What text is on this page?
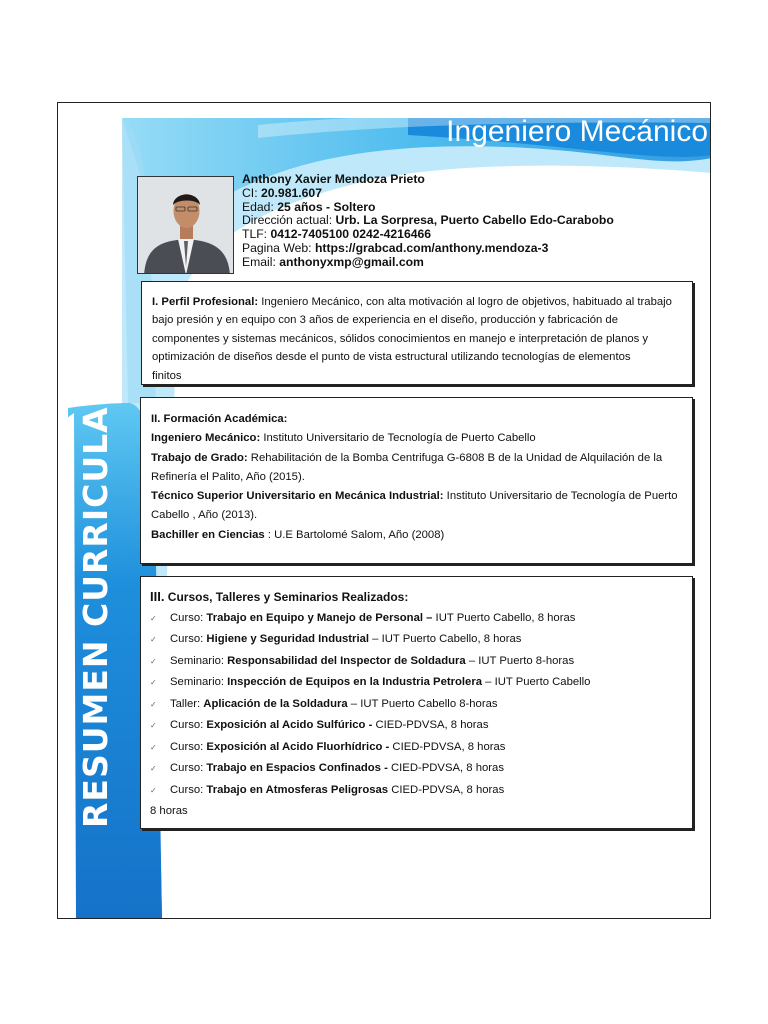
Ingeniero Mecánico
RESUMEN CURRICULAR
Anthony Xavier Mendoza Prieto
CI: 20.981.607
Edad: 25 años - Soltero
Dirección actual: Urb. La Sorpresa, Puerto Cabello Edo-Carabobo
TLF: 0412-7405100 0242-4216466
Pagina Web: https://grabcad.com/anthony.mendoza-3
Email: anthonyxmp@gmail.com
I. Perfil Profesional: Ingeniero Mecánico, con alta motivación al logro de objetivos, habituado al trabajo
bajo presión y en equipo con 3 años de experiencia en el diseño, producción y fabricación de
componentes y sistemas mecánicos, sólidos conocimientos en manejo e interpretación de planos y
optimización de diseños desde el punto de vista estructural utilizando tecnologías de elementos
finitos
II. Formación Académica:
Ingeniero Mecánico: Instituto Universitario de Tecnología de Puerto Cabello
Trabajo de Grado: Rehabilitación de la Bomba Centrifuga G-6808 B de la Unidad de Alquilación de la
Refinería el Palito, Año (2015).
Técnico Superior Universitario en Mecánica Industrial: Instituto Universitario de Tecnología de Puerto
Cabello , Año (2013).
Bachiller en Ciencias : U.E Bartolomé Salom, Año (2008)
III. Cursos, Talleres y Seminarios Realizados:
✓ Curso: Trabajo en Equipo y Manejo de Personal – IUT Puerto Cabello, 8 horas
✓ Curso: Higiene y Seguridad Industrial – IUT Puerto Cabello, 8 horas
✓ Seminario: Responsabilidad del Inspector de Soldadura – IUT Puerto 8-horas
✓ Seminario: Inspección de Equipos en la Industria Petrolera – IUT Puerto Cabello
✓ Taller: Aplicación de la Soldadura – IUT Puerto Cabello 8-horas
✓ Curso: Exposición al Acido Sulfúrico - CIED-PDVSA, 8 horas
✓ Curso: Exposición al Acido Fluorhídrico - CIED-PDVSA, 8 horas
✓ Curso: Trabajo en Espacios Confinados - CIED-PDVSA, 8 horas
✓ Curso: Trabajo en Atmosferas Peligrosas CIED-PDVSA, 8 horas
8 horas
